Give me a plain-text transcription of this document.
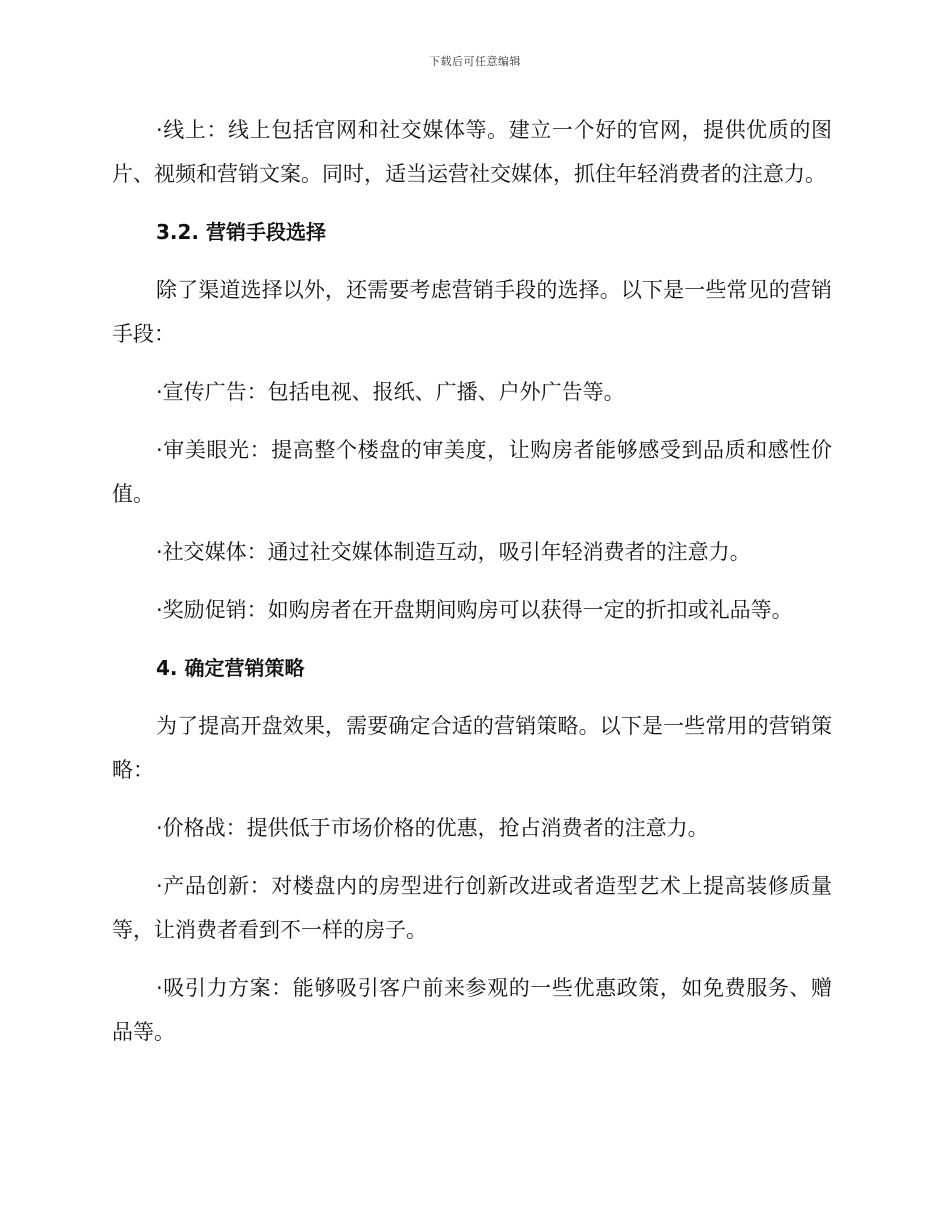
下载后可任意编辑

·线上：线上包括官网和社交媒体等。建立一个好的官网，提供优质的图片、视频和营销文案。同时，适当运营社交媒体，抓住年轻消费者的注意力。

3.2. 营销手段选择

除了渠道选择以外，还需要考虑营销手段的选择。以下是一些常见的营销手段：

·宣传广告：包括电视、报纸、广播、户外广告等。

·审美眼光：提高整个楼盘的审美度，让购房者能够感受到品质和感性价值。

·社交媒体：通过社交媒体制造互动，吸引年轻消费者的注意力。

·奖励促销：如购房者在开盘期间购房可以获得一定的折扣或礼品等。

4. 确定营销策略

为了提高开盘效果，需要确定合适的营销策略。以下是一些常用的营销策略：

·价格战：提供低于市场价格的优惠，抢占消费者的注意力。

·产品创新：对楼盘内的房型进行创新改进或者造型艺术上提高装修质量等，让消费者看到不一样的房子。

·吸引力方案：能够吸引客户前来参观的一些优惠政策，如免费服务、赠品等。
